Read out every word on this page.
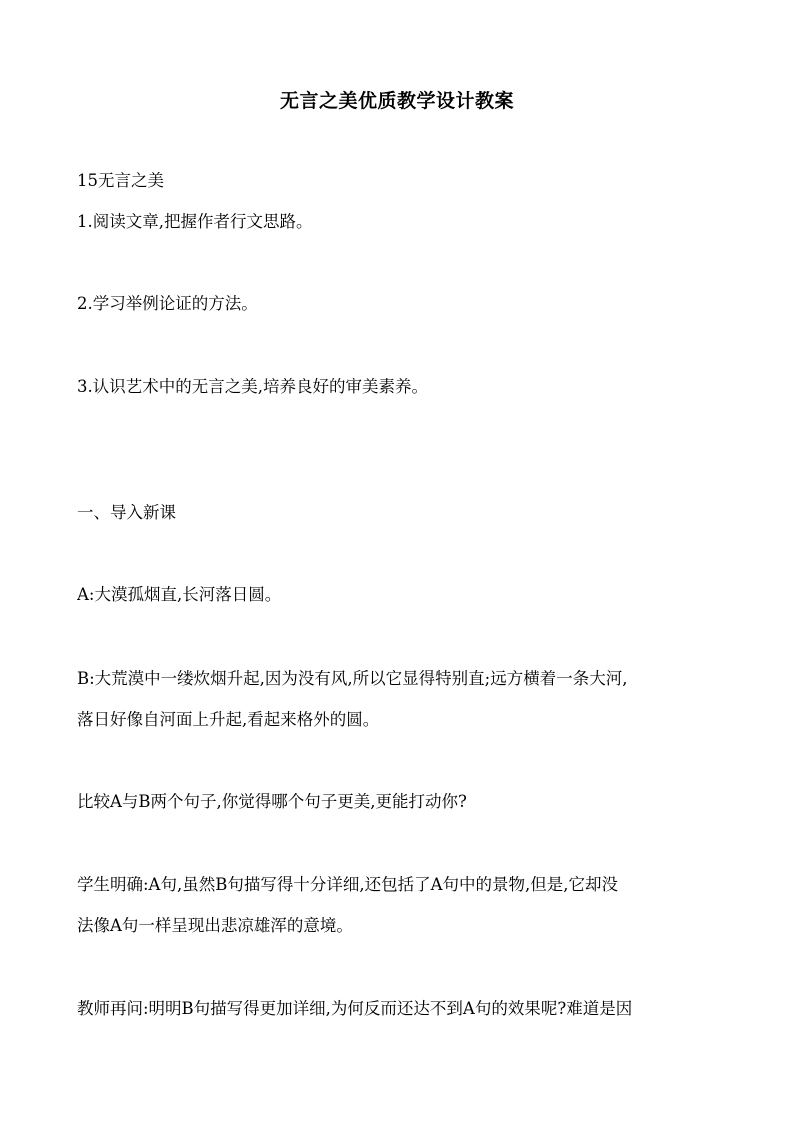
无言之美优质教学设计教案
15无言之美
1.阅读文章,把握作者行文思路。
2.学习举例论证的方法。
3.认识艺术中的无言之美,培养良好的审美素养。
一、导入新课
A:大漠孤烟直,长河落日圆。
B:大荒漠中一缕炊烟升起,因为没有风,所以它显得特别直;远方横着一条大河,
落日好像自河面上升起,看起来格外的圆。
比较A与B两个句子,你觉得哪个句子更美,更能打动你?
学生明确:A句,虽然B句描写得十分详细,还包括了A句中的景物,但是,它却没
法像A句一样呈现出悲凉雄浑的意境。
教师再问:明明B句描写得更加详细,为何反而还达不到A句的效果呢?难道是因
